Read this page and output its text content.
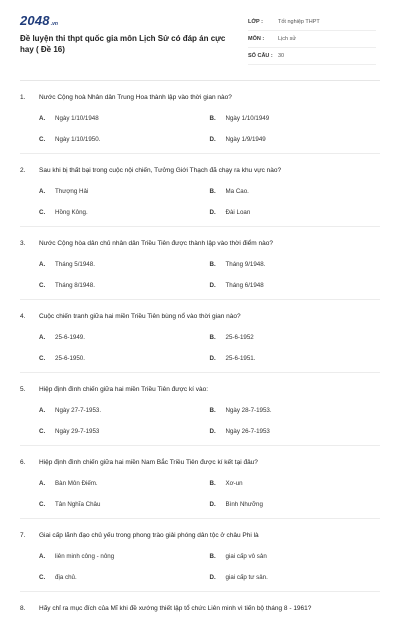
2048 .vn
Đề luyện thi thpt quốc gia môn Lịch Sử có đáp án cực hay ( Đề 16)
LỚP :	Tốt nghiệp THPT
MÔN :	Lịch sử
SỐ CÂU : 30
1.	Nước Cộng hoà Nhân dân Trung Hoa thành lập vào thời gian nào?
A.	Ngày 1/10/1948	B.	Ngày 1/10/1949
C.	Ngày 1/10/1950.	D.	Ngày 1/9/1949
2.	Sau khi bị thất bại trong cuộc nội chiến, Tưởng Giới Thạch đã chạy ra khu vực nào?
A.	Thượng Hải	B.	Ma Cao.
C.	Hồng Kông.	D.	Đài Loan
3.	Nước Cộng hòa dân chủ nhân dân Triều Tiên được thành lập vào thời điểm nào?
A.	Tháng 5/1948.	B.	Tháng 9/1948.
C.	Tháng 8/1948.	D.	Tháng 6/1948
4.	Cuộc chiến tranh giữa hai miền Triều Tiên bùng nổ vào thời gian nào?
A.	25-6-1949.	B.	25-6-1952
C.	25-6-1950.	D.	25-6-1951.
5.	Hiệp định đình chiến giữa hai miền Triều Tiên được kí vào:
A.	Ngày 27-7-1953.	B.	Ngày 28-7-1953.
C.	Ngày 29-7-1953	D.	Ngày 26-7-1953
6.	Hiệp định đình chiến giữa hai miền Nam Bắc Triều Tiên được kí kết tại đâu?
A.	Bàn Môn Điếm.	B.	Xơ-un
C.	Tân Nghĩa Châu	D.	Bình Nhưỡng
7.	Giai cấp lãnh đạo chủ yếu trong phong trào giải phóng dân tộc ở châu Phi là
A.	liên minh công - nông	B.	giai cấp vô sản
C.	địa chủ.	D.	giai cấp tư sản.
8.	Hãy chỉ ra mục đích của Mĩ khi đề xướng thiết lập tổ chức Liên minh vì tiến bộ tháng 8 - 1961?
